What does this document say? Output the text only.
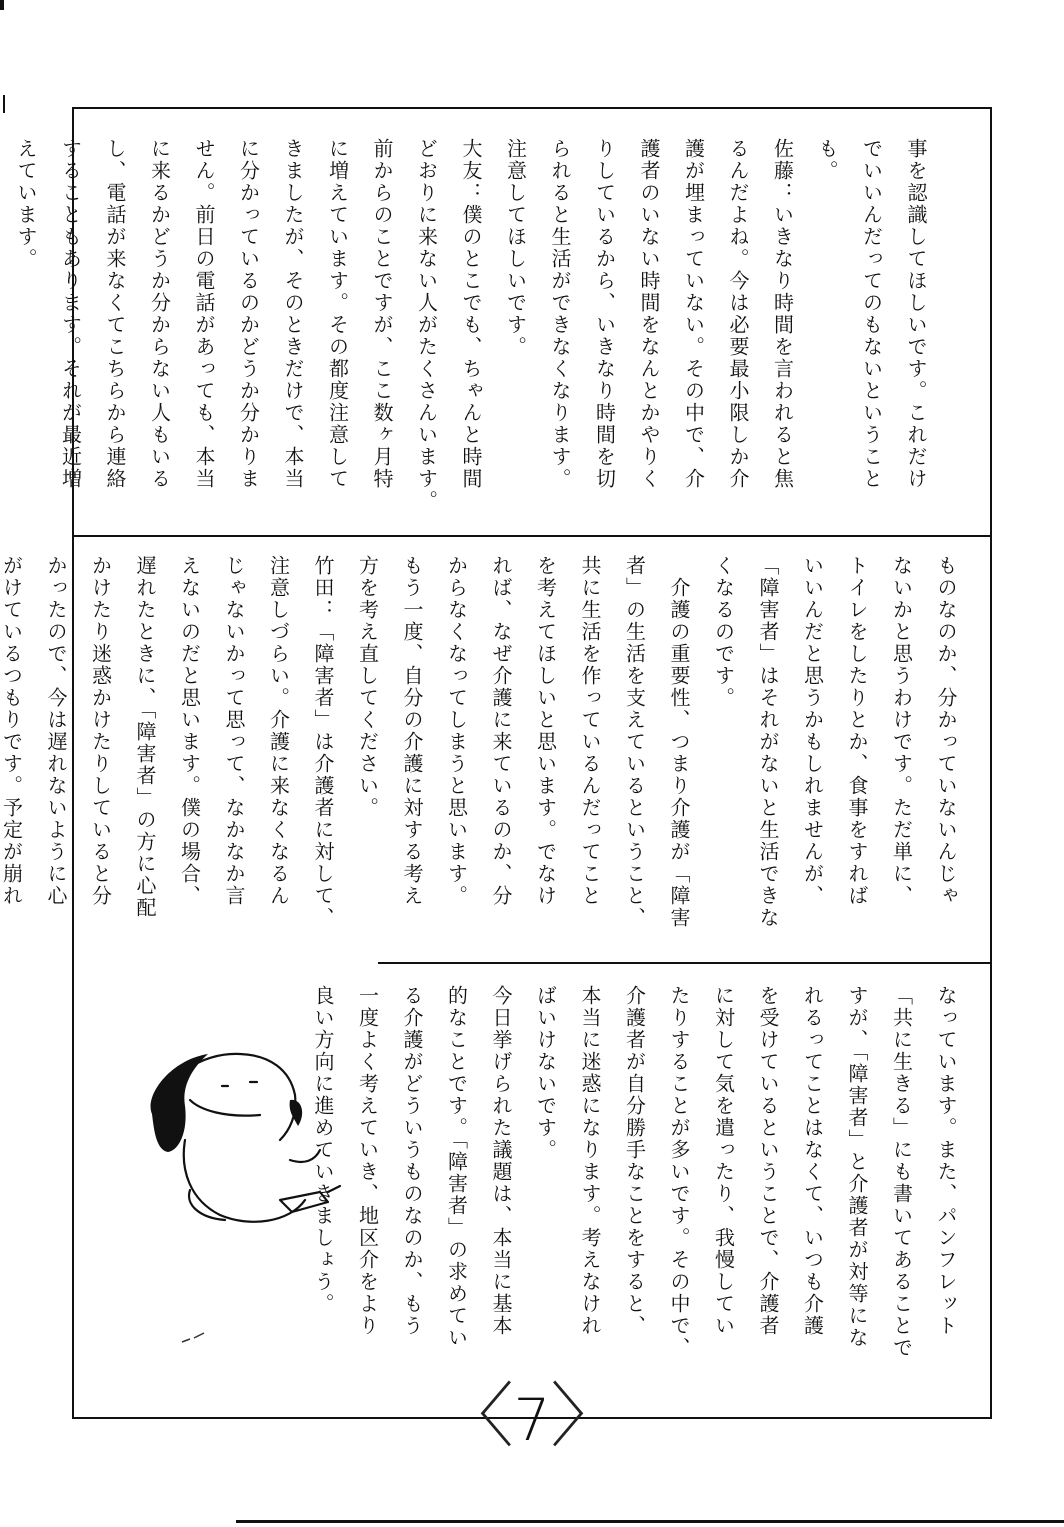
事を認識してほしいです。これだけ

でいいんだってのもないということ

も。

佐藤：いきなり時間を言われると焦

るんだよね。今は必要最小限しか介

護が埋まっていない。その中で、介

護者のいない時間をなんとかやりく

りしているから、いきなり時間を切

られると生活ができなくなります。

注意してほしいです。

大友：僕のとこでも、ちゃんと時間

どおりに来ない人がたくさんいます。

前からのことですが、ここ数ヶ月特

に増えています。その都度注意して

きましたが、そのときだけで、本当

に分かっているのかどうか分かりま

せん。前日の電話があっても、本当

に来るかどうか分からない人もいる

し、電話が来なくてこちらから連絡

することもあります。それが最近増

えています。

ものなのか、分かっていないんじゃ

ないかと思うわけです。ただ単に、

トイレをしたりとか、食事をすれば

いいんだと思うかもしれませんが、

「障害者」はそれがないと生活できな

くなるのです。

　介護の重要性、つまり介護が「障害

者」の生活を支えているということ、

共に生活を作っているんだってこと

を考えてほしいと思います。でなけ

れば、なぜ介護に来ているのか、分

からなくなってしまうと思います。

もう一度、自分の介護に対する考え

方を考え直してください。

竹田：「障害者」は介護者に対して、

注意しづらい。介護に来なくなるん

じゃないかって思って、なかなか言

えないのだと思います。僕の場合、

遅れたときに、「障害者」の方に心配

かけたり迷惑かけたりしていると分

かったので、今は遅れないように心

がけているつもりです。予定が崩れ

なっています。また、パンフレット

「共に生きる」にも書いてあることで

すが、「障害者」と介護者が対等にな

れるってことはなくて、いつも介護

を受けているということで、介護者

に対して気を遣ったり、我慢してい

たりすることが多いです。その中で、

介護者が自分勝手なことをすると、

本当に迷惑になります。考えなけれ

ばいけないです。

今日挙げられた議題は、本当に基本

的なことです。「障害者」の求めてい

る介護がどういうものなのか、もう

一度よく考えていき、地区介をより

良い方向に進めていきましょう。

〈7〉
